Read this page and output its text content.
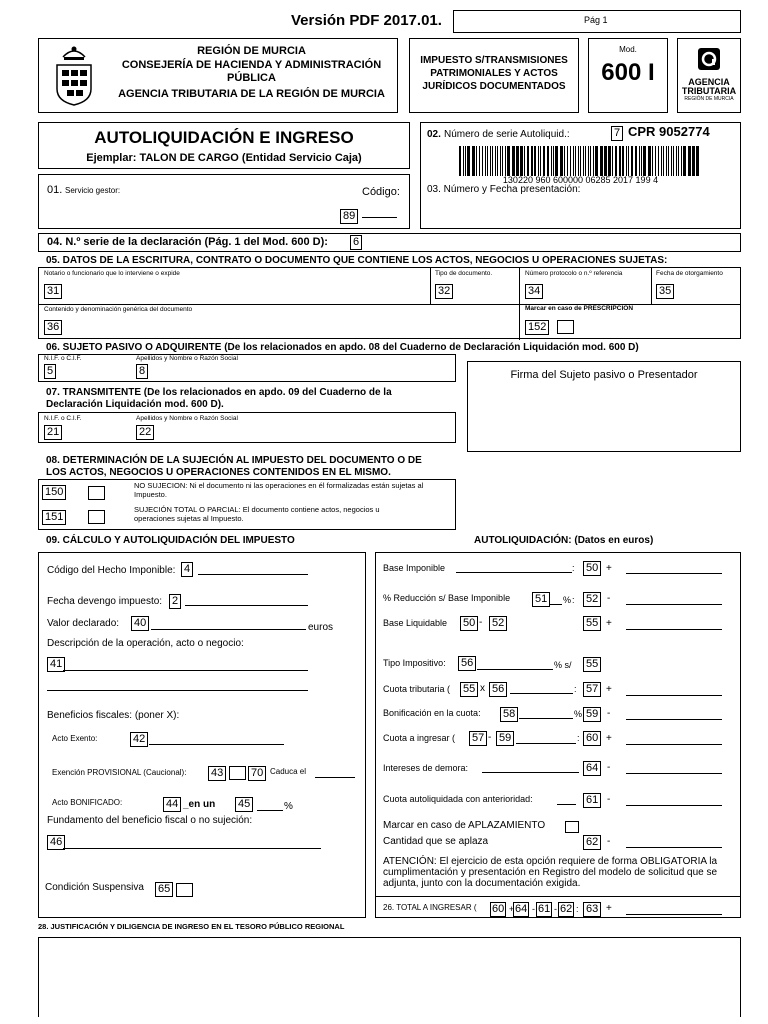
Versión PDF 2017.01.	Pág 1
REGIÓN DE MURCIA
CONSEJERÍA DE HACIENDA Y ADMINISTRACIÓN
PÚBLICA
AGENCIA TRIBUTARIA DE LA REGIÓN DE MURCIA
IMPUESTO S/TRANSMISIONES
PATRIMONIALES Y ACTOS
JURÍDICOS DOCUMENTADOS
Mod.
600 I	AGENCIA
TRIBUTARIA
REGIÓN DE MURCIA
AUTOLIQUIDACIÓN E INGRESO
Ejemplar: TALON DE CARGO (Entidad Servicio Caja)
01. Servicio gestor:	Código:
89
02. Número de serie Autoliquid.:	7 CPR 9052774
130220 960 600000 06285 2017 199 4
03. Número y Fecha presentación:
04. N.º serie de la declaración (Pág. 1 del Mod. 600 D): 6
05. DATOS DE LA ESCRITURA, CONTRATO O DOCUMENTO QUE CONTIENE LOS ACTOS, NEGOCIOS U OPERACIONES SUJETAS:
Notario o funcionario que lo interviene o expide	Tipo de documento.	Número protocolo o n.º referencia	Fecha de otorgamiento
31	32	34	35
Contenido y denominación genérica del documento	Marcar en caso de PRESCRIPCIÓN
36	152
06. SUJETO PASIVO O ADQUIRENTE (De los relacionados en apdo. 08 del Cuaderno de Declaración Liquidación mod. 600 D)
N.I.F. o C.I.F.	Apellidos y Nombre o Razón Social
5	8	Firma del Sujeto pasivo o Presentador
07. TRANSMITENTE (De los relacionados en apdo. 09 del Cuaderno de la
Declaración Liquidación mod. 600 D).
N.I.F. o C.I.F.	Apellidos y Nombre o Razón Social
21	22
08. DETERMINACIÓN DE LA SUJECIÓN AL IMPUESTO DEL DOCUMENTO O DE
LOS ACTOS, NEGOCIOS U OPERACIONES CONTENIDOS EN EL MISMO.
150
NO SUJECION: Ni el documento ni las operaciones en él formalizadas están sujetas al Impuesto.
151
SUJECIÓN TOTAL O PARCIAL: El documento contiene actos, negocios u operaciones sujetas al Impuesto.
09. CÁLCULO Y AUTOLIQUIDACIÓN DEL IMPUESTO	AUTOLIQUIDACIÓN: (Datos en euros)
Código del Hecho Imponible: 4
Fecha devengo impuesto: 2
Valor declarado: 40	euros
Descripción de la operación, acto o negocio:
41
Beneficios fiscales: (poner X):
Acto Exento:	42
Exención PROVISIONAL (Caucional): 43	70 Caduca el
Acto BONIFICADO:	44 _en un 45	%
Fundamento del beneficio fiscal o no sujeción:
46
Condición Suspensiva 65
Base Imponible	: 50 +
% Reducción s/ Base Imponible 51	% : 52 -
Base Liquidable 50 - 52	55 +
Tipo Impositivo: 56	% s/ 55
Cuota tributaria ( 55 x 56	: 57 +
Bonificación en la cuota: 58	% 59 -
Cuota a ingresar ( 57 - 59	: 60 +
Intereses de demora:	64 -
Cuota autoliquidada con anterioridad:	61 -
Marcar en caso de APLAZAMIENTO
Cantidad que se aplaza	62 -
ATENCIÓN: El ejercicio de esta opción requiere de forma OBLIGATORIA la cumplimentación y presentación en Registro del modelo de solicitud que se adjunta, junto con la documentación exigida.
26. TOTAL A INGRESAR ( 60 + 64 - 61 - 62 : 63 +
28. JUSTIFICACIÓN Y DILIGENCIA DE INGRESO EN EL TESORO PÚBLICO REGIONAL
